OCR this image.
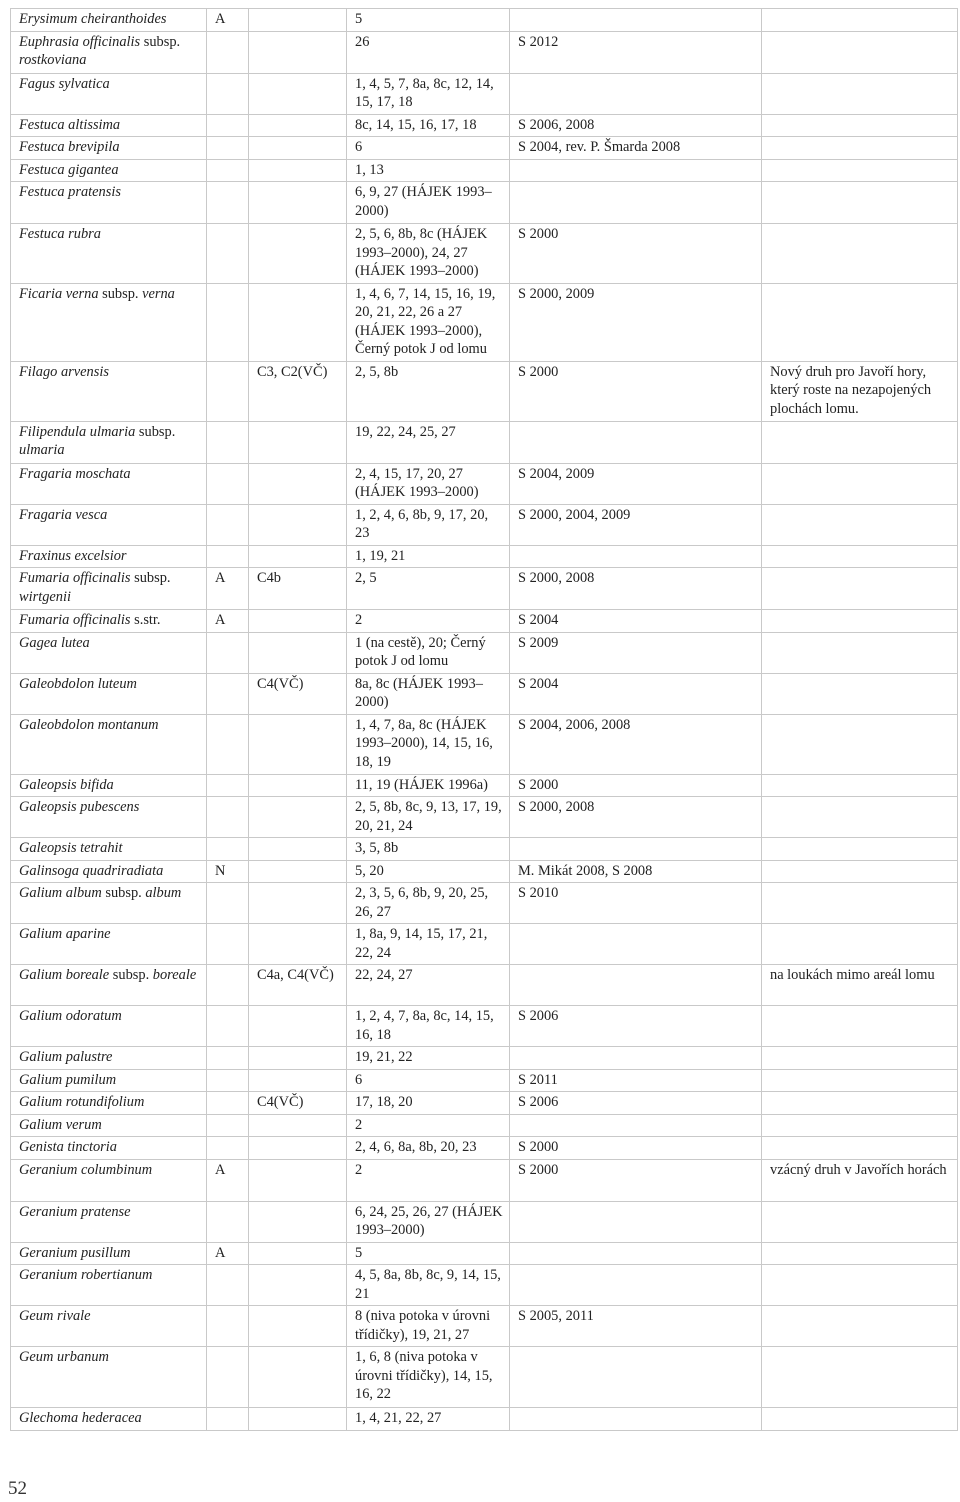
Erysimum cheiranthoides	A		5		
Euphrasia officinalis subsp. rostkoviana			26	S 2012	
Fagus sylvatica			1, 4, 5, 7, 8a, 8c, 12, 14, 15, 17, 18		
Festuca altissima			8c, 14, 15, 16, 17, 18	S 2006, 2008	
Festuca brevipila			6	S 2004, rev. P. Šmarda 2008	
Festuca gigantea			1, 13		
Festuca pratensis			6, 9, 27 (HÁJEK 1993–2000)		
Festuca rubra			2, 5, 6, 8b, 8c (HÁJEK 1993–2000), 24, 27 (HÁJEK 1993–2000)	S 2000	
Ficaria verna subsp. verna			1, 4, 6, 7, 14, 15, 16, 19, 20, 21, 22, 26 a 27 (HÁJEK 1993–2000), Černý potok J od lomu	S 2000, 2009	
Filago arvensis		C3, C2(VČ)	2, 5, 8b	S 2000	Nový druh pro Javoří hory, který roste na nezapojených plochách lomu.
Filipendula ulmaria subsp. ulmaria			19, 22, 24, 25, 27		
Fragaria moschata			2, 4, 15, 17, 20, 27 (HÁJEK 1993–2000)	S 2004, 2009	
Fragaria vesca			1, 2, 4, 6, 8b, 9, 17, 20, 23	S 2000, 2004, 2009	
Fraxinus excelsior			1, 19, 21		
Fumaria officinalis subsp. wirtgenii	A	C4b	2, 5	S 2000, 2008	
Fumaria officinalis s.str.	A		2	S 2004	
Gagea lutea			1 (na cestě), 20; Černý potok J od lomu	S 2009	
Galeobdolon luteum		C4(VČ)	8a, 8c (HÁJEK 1993–2000)	S 2004	
Galeobdolon montanum			1, 4, 7, 8a, 8c (HÁJEK 1993–2000), 14, 15, 16, 18, 19	S 2004, 2006, 2008	
Galeopsis bifida			11, 19 (HÁJEK 1996a)	S 2000	
Galeopsis pubescens			2, 5, 8b, 8c, 9, 13, 17, 19, 20, 21, 24	S 2000, 2008	
Galeopsis tetrahit			3, 5, 8b		
Galinsoga quadriradiata	N		5, 20	M. Mikát 2008, S 2008	
Galium album subsp. album			2, 3, 5, 6, 8b, 9, 20, 25, 26, 27	S 2010	
Galium aparine			1, 8a, 9, 14, 15, 17, 21, 22, 24		
Galium boreale subsp. boreale		C4a, C4(VČ)	22, 24, 27		na loukách mimo areál lomu
Galium odoratum			1, 2, 4, 7, 8a, 8c, 14, 15, 16, 18	S 2006	
Galium palustre			19, 21, 22		
Galium pumilum			6	S 2011	
Galium rotundifolium		C4(VČ)	17, 18, 20	S 2006	
Galium verum			2		
Genista tinctoria			2, 4, 6, 8a, 8b, 20, 23	S 2000	
Geranium columbinum	A		2	S 2000	vzácný druh v Javořích horách
Geranium pratense			6, 24, 25, 26, 27 (HÁJEK 1993–2000)		
Geranium pusillum	A		5		
Geranium robertianum			4, 5, 8a, 8b, 8c, 9, 14, 15, 21		
Geum rivale			8 (niva potoka v úrovni třídičky), 19, 21, 27	S 2005, 2011	
Geum urbanum			1, 6, 8 (niva potoka v úrovni třídičky), 14, 15, 16, 22		
Glechoma hederacea			1, 4, 21, 22, 27		
52
